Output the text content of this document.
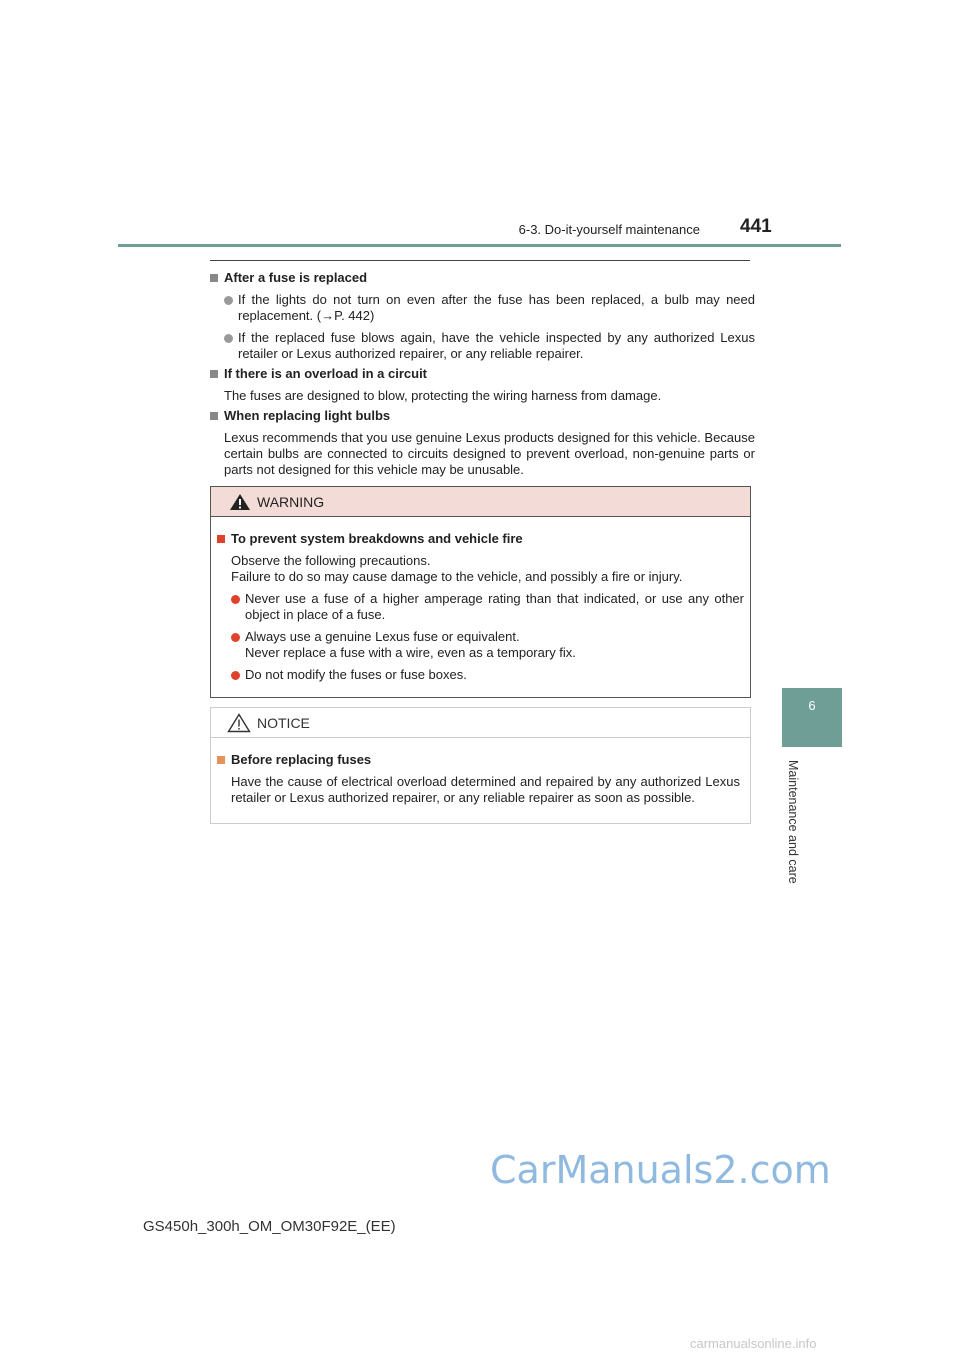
6-3. Do-it-yourself maintenance 441
6
Maintenance and care
After a fuse is replaced
If the lights do not turn on even after the fuse has been replaced, a bulb may need replacement. (→P. 442)
If the replaced fuse blows again, have the vehicle inspected by any authorized Lexus retailer or Lexus authorized repairer, or any reliable repairer.
If there is an overload in a circuit
The fuses are designed to blow, protecting the wiring harness from damage.
When replacing light bulbs
Lexus recommends that you use genuine Lexus products designed for this vehicle. Because certain bulbs are connected to circuits designed to prevent overload, non-genuine parts or parts not designed for this vehicle may be unusable.
WARNING
To prevent system breakdowns and vehicle fire
Observe the following precautions.
Failure to do so may cause damage to the vehicle, and possibly a fire or injury.
Never use a fuse of a higher amperage rating than that indicated, or use any other object in place of a fuse.
Always use a genuine Lexus fuse or equivalent.
Never replace a fuse with a wire, even as a temporary fix.
Do not modify the fuses or fuse boxes.
NOTICE
Before replacing fuses
Have the cause of electrical overload determined and repaired by any authorized Lexus retailer or Lexus authorized repairer, or any reliable repairer as soon as possible.
GS450h_300h_OM_OM30F92E_(EE)
CarManuals2.com
carmanualsonline.info
